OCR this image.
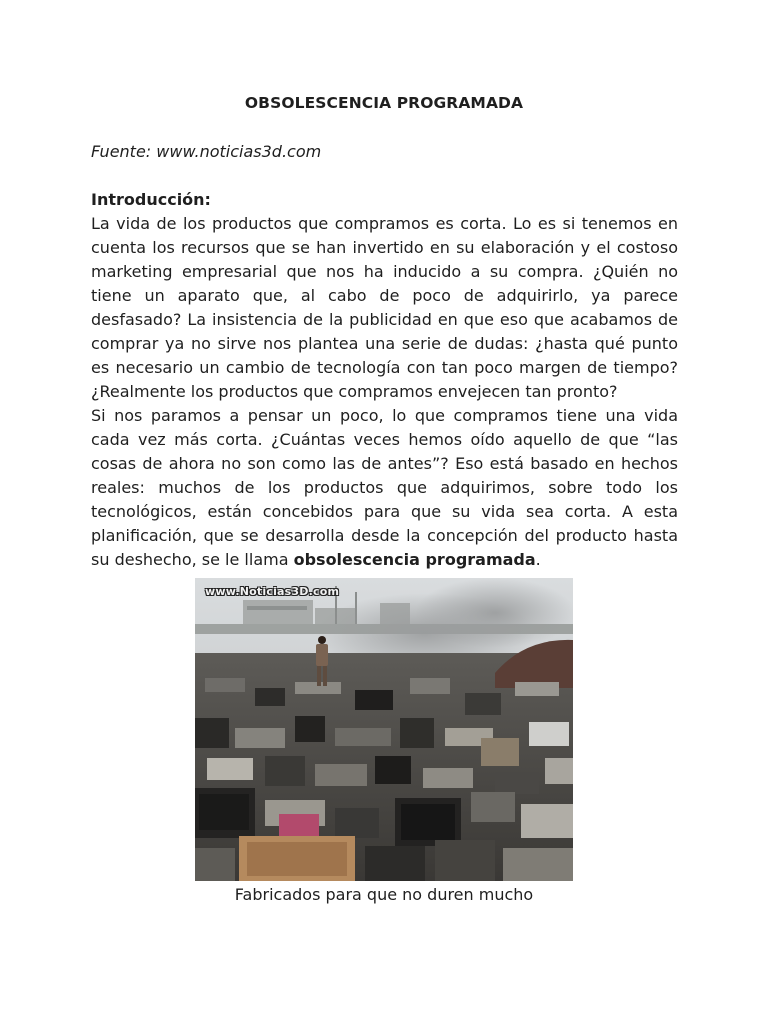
OBSOLESCENCIA PROGRAMADA
Fuente: www.noticias3d.com

Introducción:

La vida de los productos que compramos es corta. Lo es si tenemos en cuenta los recursos que se han invertido en su elaboración y el costoso marketing empresarial que nos ha inducido a su compra. ¿Quién no tiene un aparato que, al cabo de poco de adquirirlo, ya parece desfasado? La insistencia de la publicidad en que eso que acabamos de comprar ya no sirve nos plantea una serie de dudas: ¿hasta qué punto es necesario un cambio de tecnología con tan poco margen de tiempo? ¿Realmente los productos que compramos envejecen tan pronto?

Si nos paramos a pensar un poco, lo que compramos tiene una vida cada vez más corta. ¿Cuántas veces hemos oído aquello de que “las cosas de ahora no son como las de antes”? Eso está basado en hechos reales: muchos de los productos que adquirimos, sobre todo los tecnológicos, están concebidos para que su vida sea corta. A esta planificación, que se desarrolla desde la concepción del producto hasta su deshecho, se le llama obsolescencia programada.

www.Noticias3D.com
Fabricados para que no duren mucho
